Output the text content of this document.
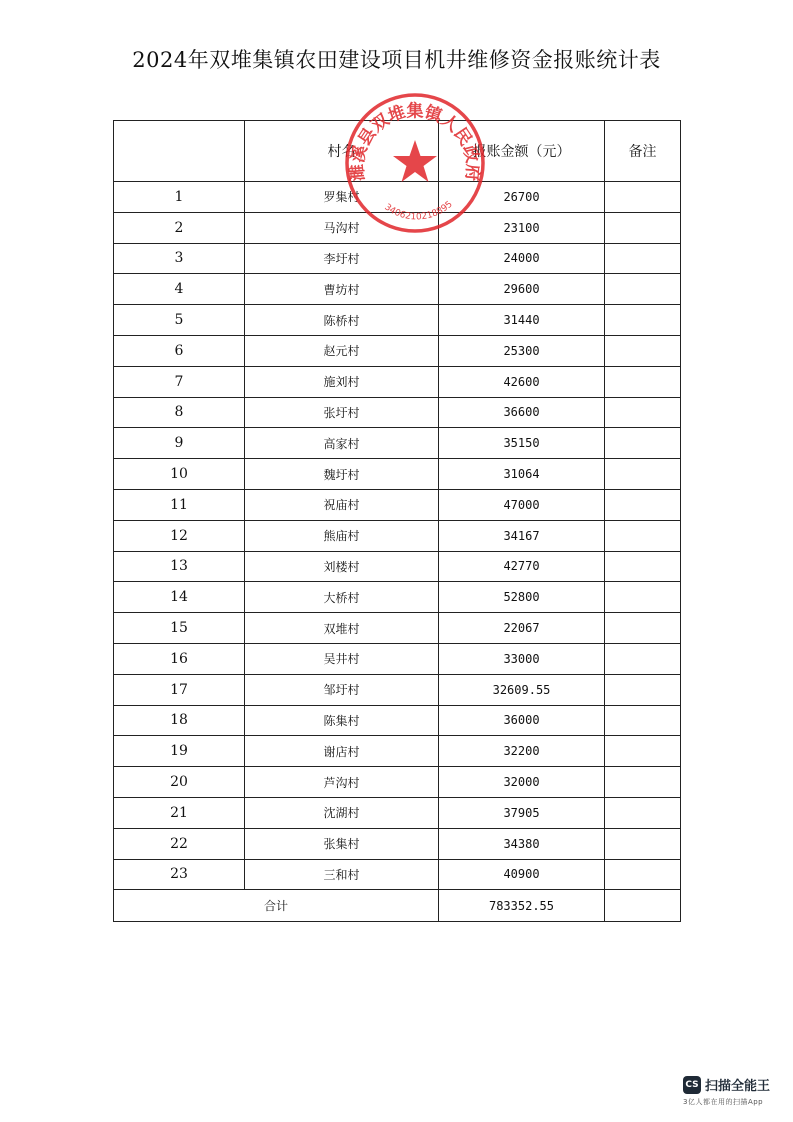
2024年双堆集镇农田建设项目机井维修资金报账统计表
	村名	报账金额（元）	备注
1	罗集村	26700	
2	马沟村	23100	
3	李圩村	24000	
4	曹坊村	29600	
5	陈桥村	31440	
6	赵元村	25300	
7	施刘村	42600	
8	张圩村	36600	
9	高家村	35150	
10	魏圩村	31064	
11	祝庙村	47000	
12	熊庙村	34167	
13	刘楼村	42770	
14	大桥村	52800	
15	双堆村	22067	
16	吴井村	33000	
17	邹圩村	32609.55	
18	陈集村	36000	
19	谢店村	32200	
20	芦沟村	32000	
21	沈湖村	37905	
22	张集村	34380	
23	三和村	40900	
合计		783352.55	
濉溪县双堆集镇人民政府
3406210218895
CS 扫描全能王
3亿人都在用的扫描App
